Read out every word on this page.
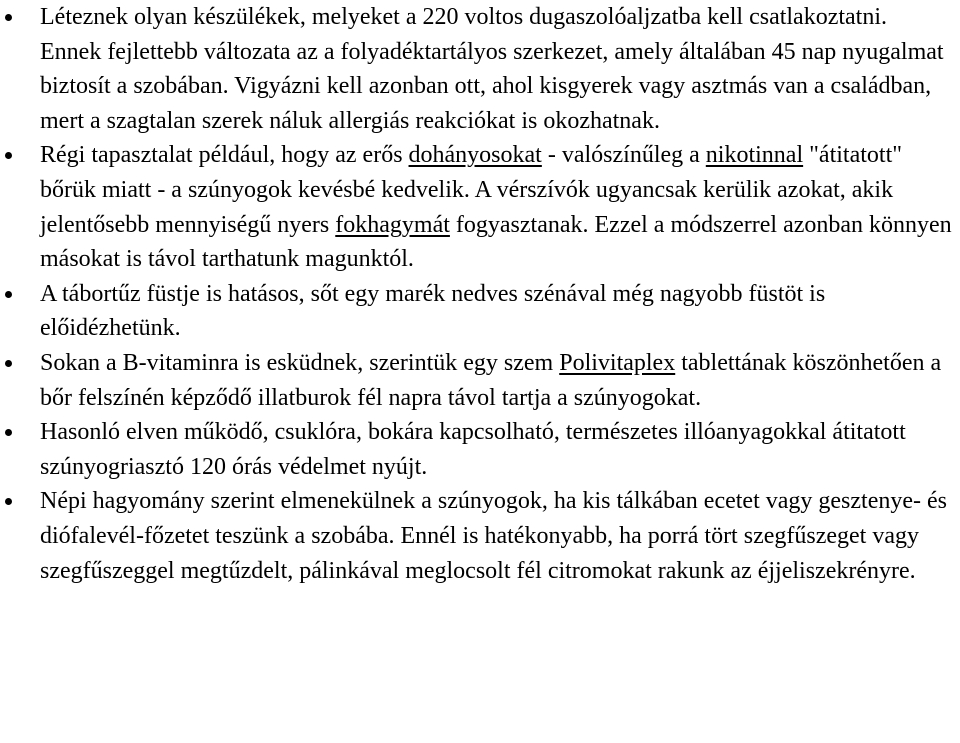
Léteznek olyan készülékek, melyeket a 220 voltos dugaszolóaljzatba kell csatlakoztatni. Ennek fejlettebb változata az a folyadéktartályos szerkezet, amely általában 45 nap nyugalmat biztosít a szobában. Vigyázni kell azonban ott, ahol kisgyerek vagy asztmás van a családban, mert a szagtalan szerek náluk allergiás reakciókat is okozhatnak.
Régi tapasztalat például, hogy az erős dohányosokat - valószínűleg a nikotinnal "átitatott" bőrük miatt - a szúnyogok kevésbé kedvelik. A vérszívók ugyancsak kerülik azokat, akik jelentősebb mennyiségű nyers fokhagymát fogyasztanak. Ezzel a módszerrel azonban könnyen másokat is távol tarthatunk magunktól.
A tábortűz füstje is hatásos, sőt egy marék nedves szénával még nagyobb füstöt is előidézhetünk.
Sokan a B-vitaminra is esküdnek, szerintük egy szem Polivitaplex tablettának köszönhetően a bőr felszínén képződő illatburok fél napra távol tartja a szúnyogokat.
Hasonló elven működő, csuklóra, bokára kapcsolható, természetes illóanyagokkal átitatott szúnyogriasztó 120 órás védelmet nyújt.
Népi hagyomány szerint elmenekülnek a szúnyogok, ha kis tálkában ecetet vagy gesztenye- és diófalevél-főzetet teszünk a szobába. Ennél is hatékonyabb, ha porrá tört szegfűszeget vagy szegfűszeggel megtűzdelt, pálinkával meglocsolt fél citromokat rakunk az éjjeliszekrényre.
